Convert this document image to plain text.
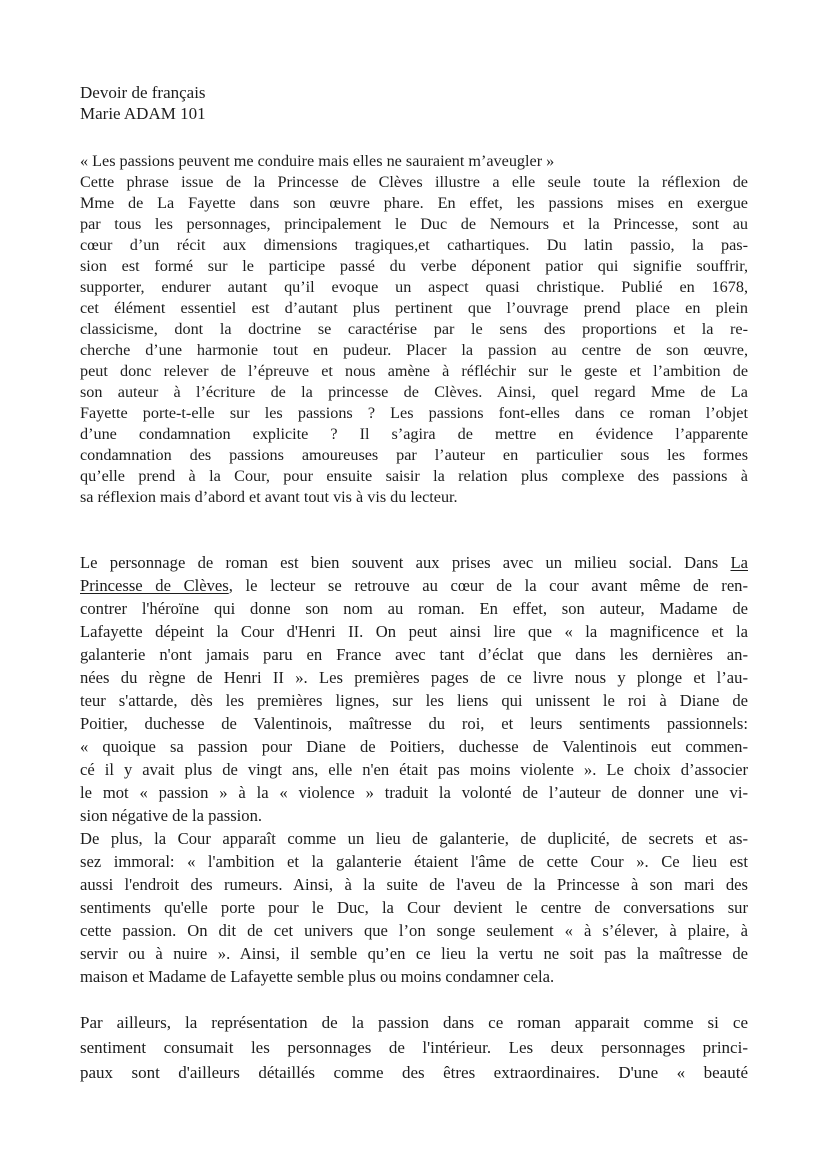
Devoir de français
Marie ADAM 101
« Les passions peuvent me conduire mais elles ne sauraient m’aveugler »
Cette phrase issue de la Princesse de Clèves illustre a elle seule toute la réflexion de
Mme de La Fayette dans son œuvre phare. En effet, les passions mises en exergue
par tous les personnages, principalement le Duc de Nemours et la Princesse, sont au
cœur d’un récit aux dimensions tragiques,et cathartiques. Du latin passio, la pas-
sion est formé sur le participe passé du verbe déponent patior qui signifie souffrir,
supporter, endurer autant qu’il evoque un aspect quasi christique. Publié en 1678,
cet élément essentiel est d’autant plus pertinent que l’ouvrage prend place en plein
classicisme, dont la doctrine se caractérise par le sens des proportions et la re-
cherche d’une harmonie tout en pudeur. Placer la passion au centre de son œuvre,
peut donc relever de l’épreuve et nous amène à réfléchir sur le geste et l’ambition de
son auteur à l’écriture de la princesse de Clèves. Ainsi, quel regard Mme de La
Fayette porte-t-elle sur les passions ? Les passions font-elles dans ce roman l’objet
d’une condamnation explicite ? Il s’agira de mettre en évidence l’apparente
condamnation des passions amoureuses par l’auteur en particulier sous les formes
qu’elle prend à la Cour, pour ensuite saisir la relation plus complexe des passions à
sa réflexion mais d’abord et avant tout vis à vis du lecteur.
Le personnage de roman est bien souvent aux prises avec un milieu social. Dans La
Princesse de Clèves, le lecteur se retrouve au cœur de la cour avant même de ren-
contrer l'héroïne qui donne son nom au roman. En effet, son auteur, Madame de
Lafayette dépeint la Cour d'Henri II. On peut ainsi lire que « la magnificence et la
galanterie n'ont jamais paru en France avec tant d’éclat que dans les dernières an-
nées du règne de Henri II ». Les premières pages de ce livre nous y plonge et l’au-
teur s'attarde, dès les premières lignes, sur les liens qui unissent le roi à Diane de
Poitier, duchesse de Valentinois, maîtresse du roi, et leurs sentiments passionnels:
« quoique sa passion pour Diane de Poitiers, duchesse de Valentinois eut commen-
cé il y avait plus de vingt ans, elle n'en était pas moins violente ». Le choix d’associer
le mot « passion » à la « violence » traduit la volonté de l’auteur de donner une vi-
sion négative de la passion.
De plus, la Cour apparaît comme un lieu de galanterie, de duplicité, de secrets et as-
sez immoral: « l'ambition et la galanterie étaient l'âme de cette Cour ». Ce lieu est
aussi l'endroit des rumeurs. Ainsi, à la suite de l'aveu de la Princesse à son mari des
sentiments qu'elle porte pour le Duc, la Cour devient le centre de conversations sur
cette passion. On dit de cet univers que l’on songe seulement « à s’élever, à plaire, à
servir ou à nuire ». Ainsi, il semble qu’en ce lieu la vertu ne soit pas la maîtresse de
maison et Madame de Lafayette semble plus ou moins condamner cela.
Par ailleurs, la représentation de la passion dans ce roman apparait comme si ce
sentiment consumait les personnages de l'intérieur. Les deux personnages princi-
paux sont d'ailleurs détaillés comme des êtres extraordinaires. D'une « beauté
